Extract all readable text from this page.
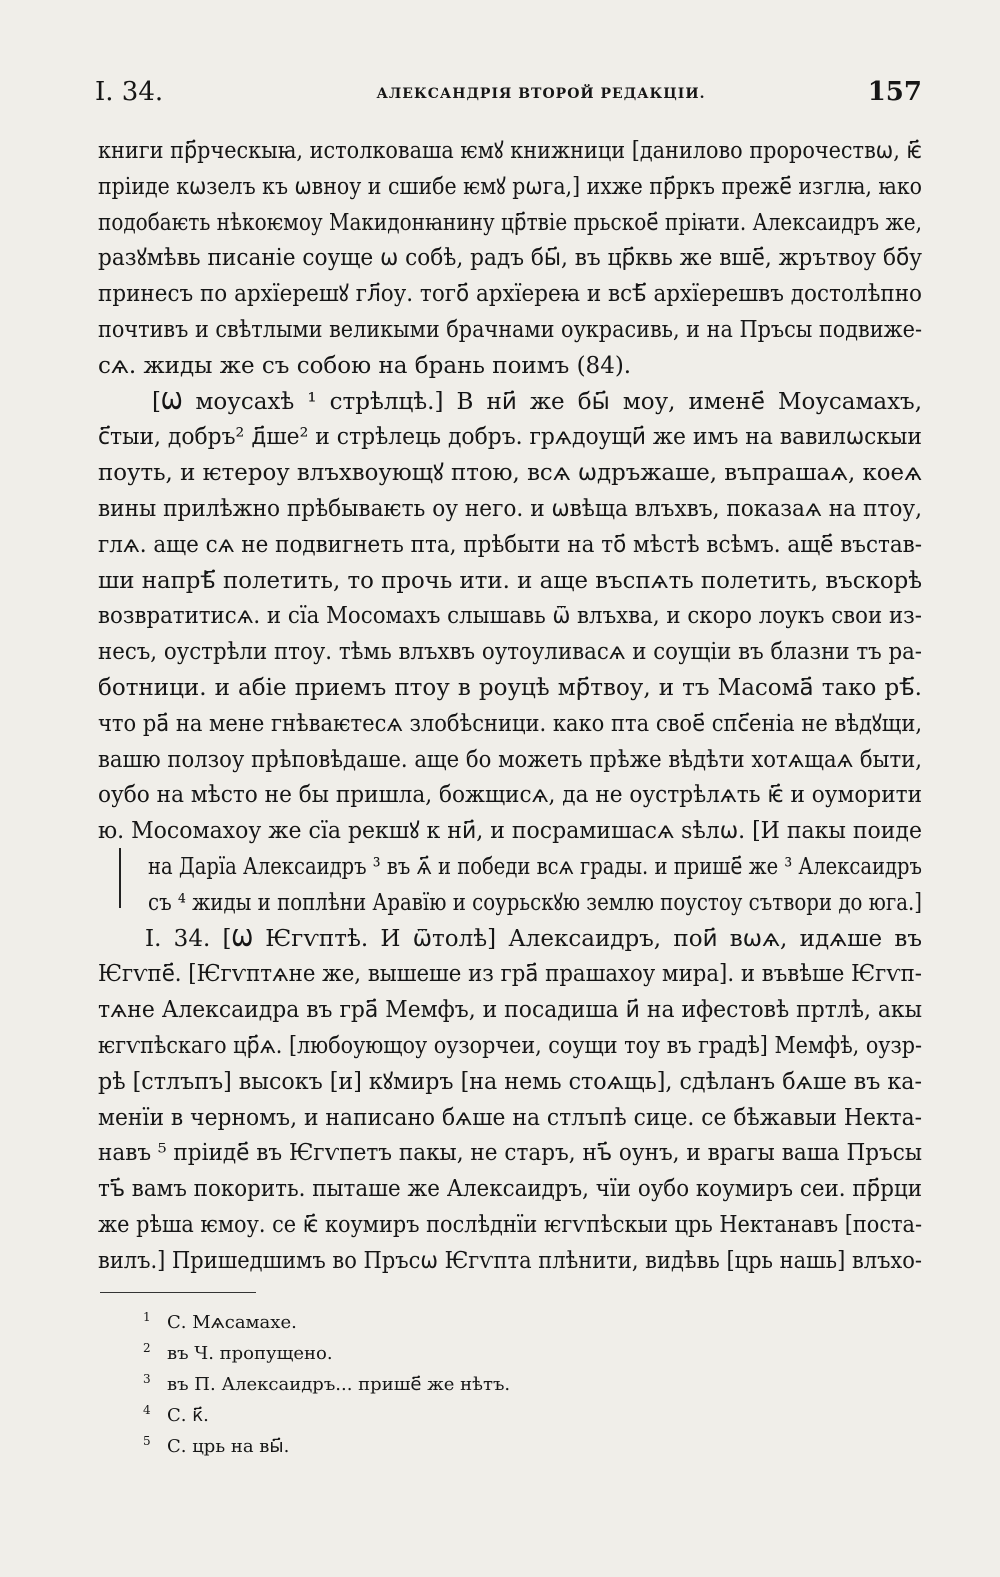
I. 34.	АЛЕКСАНДРІЯ ВТОРОЙ РЕДАКЦІИ.	157
книги пр҃рческыꙗ, истолковаша ѥмꙋ книжници [данилово пророчествѡ, ѥ҃
пріиде кѡзелъ къ ѡвноу и сшибе ѥмꙋ рѡга,] ихже пр҃ркъ преже҃ изглꙗ, ꙗко
подобаѥть нѣкоѥмоу Макидонꙗнину цр҃твіе прьское҃ пріꙗти. Алексаидръ же,
разꙋмѣвь писаніе соуще ѡ собѣ, радъ бы҃, въ цр҃квь же вше҃, жрътвоу бо҃у
принесъ по архїерешꙋ гл҃оу. того҃ архїереꙗ и всѣ҃ архїерешвъ достолѣпно
почтивъ и свѣтлыми великыми брачнами оукрасивь, и на Пръсы подвиже-
сѧ. жиды же съ собою на брань поимъ (84).
[Ѡ моусахѣ ¹ стрѣлцѣ.] В ни҃ же бы҃ моу, имене҃ Моусамахъ,
с҃тыи, добръ² д҃ше² и стрѣлець добръ. грѧдоущи҃ же имъ на вавилѡскыи
поуть, и ѥтероу влъхвоующꙋ птою, всѧ ѡдръжаше, въпрашаѧ, коеѧ
вины прилѣжно прѣбываѥть оу него. и ѡвѣща влъхвъ, показаѧ на птоу,
глѧ. аще сѧ не подвигнеть пта, прѣбыти на то҃ мѣстѣ всѣмъ. аще҃ въстав-
ши напрѣ҃ полетить, то прочь ити. и аще въспѧть полетить, въскорѣ
возвратитисѧ. и сїа Мосомахъ слышавь ѿ влъхва, и скоро лоукъ свои из-
несъ, оустрѣли птоу. тѣмь влъхвъ оутоуливасѧ и соущіи въ блазни тъ ра-
ботници. и абіе приемъ птоу в роуцѣ мр҃твоу, и тъ Масома҃ тако рѣ҃.
что ра҃ на мене гнѣваѥтесѧ злобѣсници. како пта свое҃ спс҃еніа не вѣдꙋщи,
вашю ползоу прѣповѣдаше. аще бо можеть прѣже вѣдѣти хотѧщаѧ быти,
оубо на мѣсто не бы пришла, божщисѧ, да не оустрѣлѧть ѥ҃ и оуморити
ю. Мосомахоу же сїа рекшꙋ к ни҃, и посрамишасѧ ѕѣлѡ. [И пакы поиде
на Дарїа Алексаидръ ³ въ ѧ҃ и победи всѧ грады. и прише҃ же ³ Алексаидръ
съ ⁴ жиды и поплѣни Аравїю и соурьскꙋю землю поустоу сътвори до юга.]
I. 34. [Ѡ Ѥгѵптѣ. И ѿтолѣ] Алексаидръ, пои҃ вѡѧ, идѧше въ
Ѥгѵпе҃. [Ѥгѵптѧне же, вышеше из гра҃ прашахоу мира]. и въвѣше Ѥгѵп-
тѧне Алексаидра въ гра҃ Мемфъ, и посадиша и҃ на ифестовѣ пртлѣ, акы
ѥгѵпѣскаго цр҃ѧ. [любоующоу оузорчеи, соущи тоу въ градѣ] Мемфѣ, оузр-
рѣ [стлъпъ] высокъ [и] кꙋмиръ [на немь стоѧщь], сдѣланъ бѧше въ ка-
менїи в черномъ, и написано бѧше на стлъпѣ сице. се бѣжавыи Некта-
навъ ⁵ пріиде҃ въ Ѥгѵпетъ пакы, не старъ, нъ҃ оунъ, и врагы ваша Пръсы
тъ҃ вамъ покорить. пыташе же Алексаидръ, чїи оубо коумиръ сеи. пр҃рци
же рѣша ѥмоу. се ѥ҃ коумиръ послѣднїи ѥгѵпѣскыи црь Нектанавъ [поста-
вилъ.] Пришедшимъ во Пръсѡ Ѥгѵпта плѣнити, видѣвь [црь нашь] влъхо-
1 С. Мѧсамахе.
2 въ Ч. пропущено.
3 въ П. Алексаидръ... прише҃ же нѣтъ.
4 С. к҃.
5 С. црь на вы҃.
